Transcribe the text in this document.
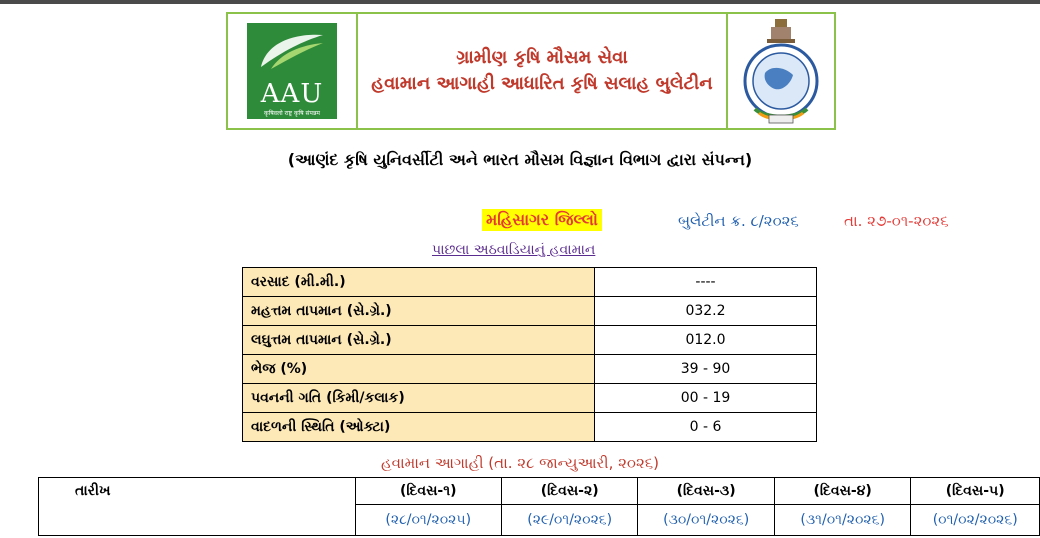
AAU
कृषिवलो राष्ट्र कृषि संपन्नम
ગ્રામીણ કૃષિ મૌસમ સેવા
હવામાન આગાહી આધારિત કૃષિ સલાહ બુલેટીન
(આણંદ કૃષિ યુનિવર્સીટી અને ભારત મૌસમ વિજ્ઞાન વિભાગ દ્વારા સંપન્ન)
મહિસાગર જિલ્લો	બુલેટીન ક્ર. ૮/૨૦૨૬	તા. ૨૭-૦૧-૨૦૨૬
પાછલા અઠવાડિયાનું હવામાન
વરસાદ (મી.મી.)	----
મહત્તમ તાપમાન (સે.ગ્રે.)	032.2
લઘુત્તમ તાપમાન (સે.ગ્રે.)	012.0
ભેજ (%)	39 - 90
પવનની ગતિ (કિમી/કલાક)	00 - 19
વાદળની સ્થિતિ (ઓક્ટા)	0 - 6
હવામાન આગાહી (તા. ૨૮ જાન્યુઆરી, ૨૦૨૬)
તારીખ	(દિવસ-૧)	(દિવસ-૨)	(દિવસ-૩)	(દિવસ-૪)	(દિવસ-૫)
	(૨૮/૦૧/૨૦૨૫)	(૨૯/૦૧/૨૦૨૬)	(૩૦/૦૧/૨૦૨૬)	(૩૧/૦૧/૨૦૨૬)	(૦૧/૦૨/૨૦૨૬)
